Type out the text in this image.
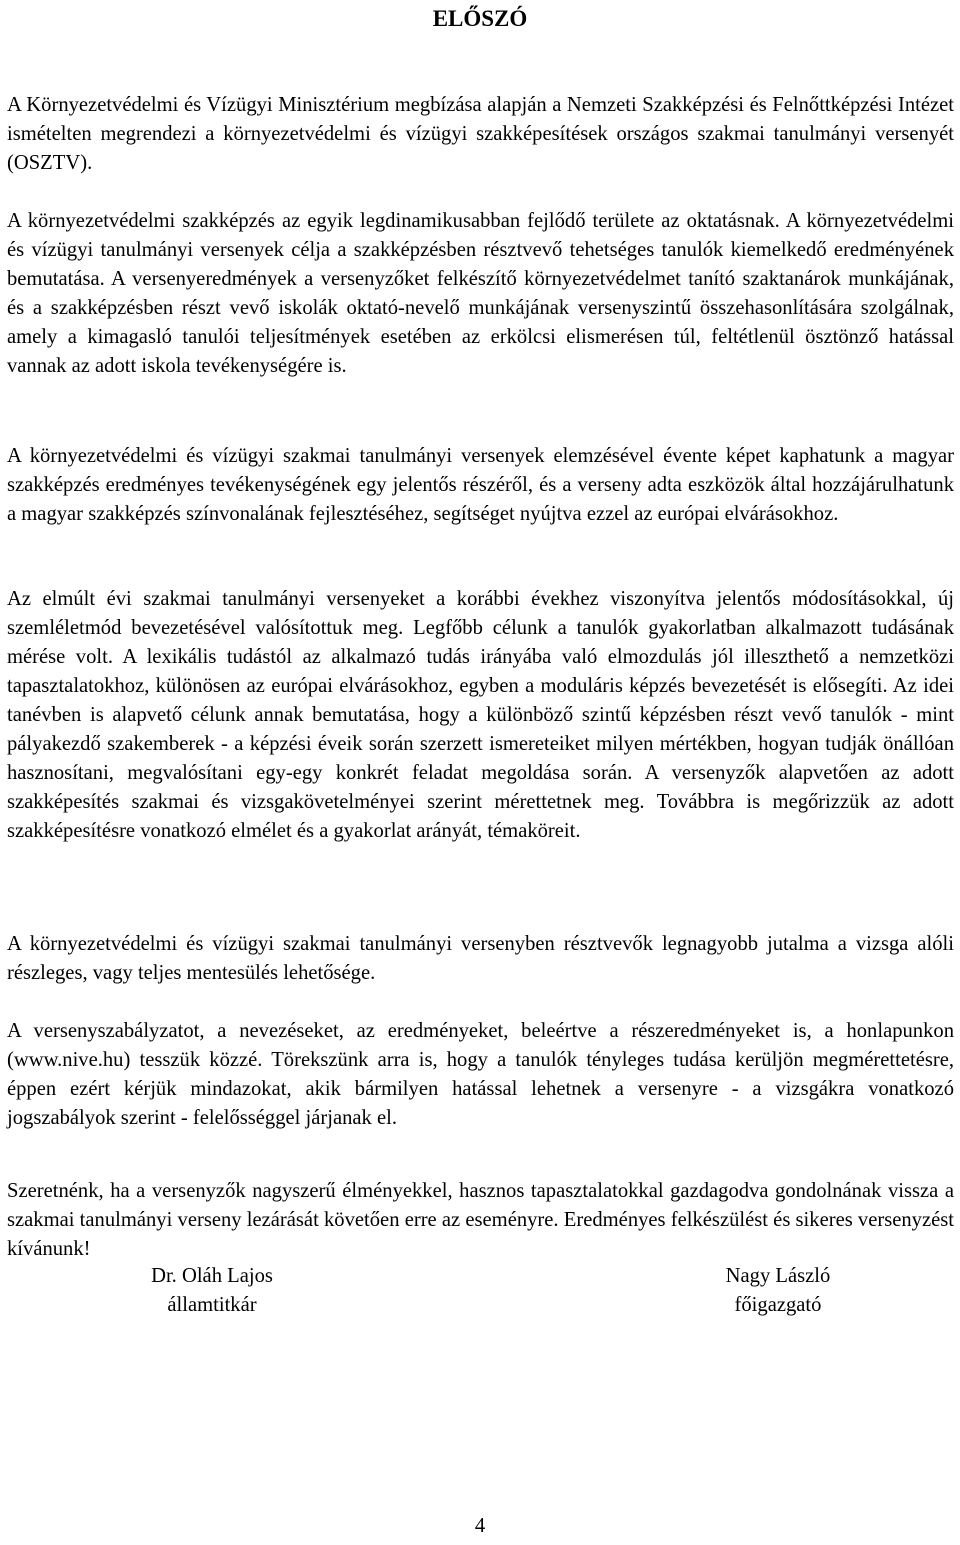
ELŐSZÓ

A Környezetvédelmi és Vízügyi Minisztérium megbízása alapján a Nemzeti Szakképzési és Felnőttképzési Intézet ismételten megrendezi a környezetvédelmi és vízügyi szakképesítések országos szakmai tanulmányi versenyét (OSZTV).

A környezetvédelmi szakképzés az egyik legdinamikusabban fejlődő területe az oktatásnak. A környezetvédelmi és vízügyi tanulmányi versenyek célja a szakképzésben résztvevő tehetséges tanulók kiemelkedő eredményének bemutatása. A versenyeredmények a versenyzőket felkészítő környezetvédelmet tanító szaktanárok munkájának, és a szakképzésben részt vevő iskolák oktató-nevelő munkájának versenyszintű összehasonlítására szolgálnak, amely a kimagasló tanulói teljesítmények esetében az erkölcsi elismerésen túl, feltétlenül ösztönző hatással vannak az adott iskola tevékenységére is.

A környezetvédelmi és vízügyi szakmai tanulmányi versenyek elemzésével évente képet kaphatunk a magyar szakképzés eredményes tevékenységének egy jelentős részéről, és a verseny adta eszközök által hozzájárulhatunk a magyar szakképzés színvonalának fejlesztéséhez, segítséget nyújtva ezzel az európai elvárásokhoz.

Az elmúlt évi szakmai tanulmányi versenyeket a korábbi évekhez viszonyítva jelentős módosításokkal, új szemléletmód bevezetésével valósítottuk meg. Legfőbb célunk a tanulók gyakorlatban alkalmazott tudásának mérése volt. A lexikális tudástól az alkalmazó tudás irányába való elmozdulás jól illeszthető a nemzetközi tapasztalatokhoz, különösen az európai elvárásokhoz, egyben a moduláris képzés bevezetését is elősegíti. Az idei tanévben is alapvető célunk annak bemutatása, hogy a különböző szintű képzésben részt vevő tanulók - mint pályakezdő szakemberek - a képzési éveik során szerzett ismereteiket milyen mértékben, hogyan tudják önállóan hasznosítani, megvalósítani egy-egy konkrét feladat megoldása során. A versenyzők alapvetően az adott szakképesítés szakmai és vizsgakövetelményei szerint mérettetnek meg. Továbbra is megőrizzük az adott szakképesítésre vonatkozó elmélet és a gyakorlat arányát, témaköreit.

A környezetvédelmi és vízügyi szakmai tanulmányi versenyben résztvevők legnagyobb jutalma a vizsga alóli részleges, vagy teljes mentesülés lehetősége.

A versenyszabályzatot, a nevezéseket, az eredményeket, beleértve a részeredményeket is, a honlapunkon (www.nive.hu) tesszük közzé. Törekszünk arra is, hogy a tanulók tényleges tudása kerüljön megmérettetésre, éppen ezért kérjük mindazokat, akik bármilyen hatással lehetnek a versenyre - a vizsgákra vonatkozó jogszabályok szerint - felelősséggel járjanak el.

Szeretnénk, ha a versenyzők nagyszerű élményekkel, hasznos tapasztalatokkal gazdagodva gondolnának vissza a szakmai tanulmányi verseny lezárását követően erre az eseményre. Eredményes felkészülést és sikeres versenyzést kívánunk!

Dr. Oláh Lajos
államtitkár
Nagy László
főigazgató
4
